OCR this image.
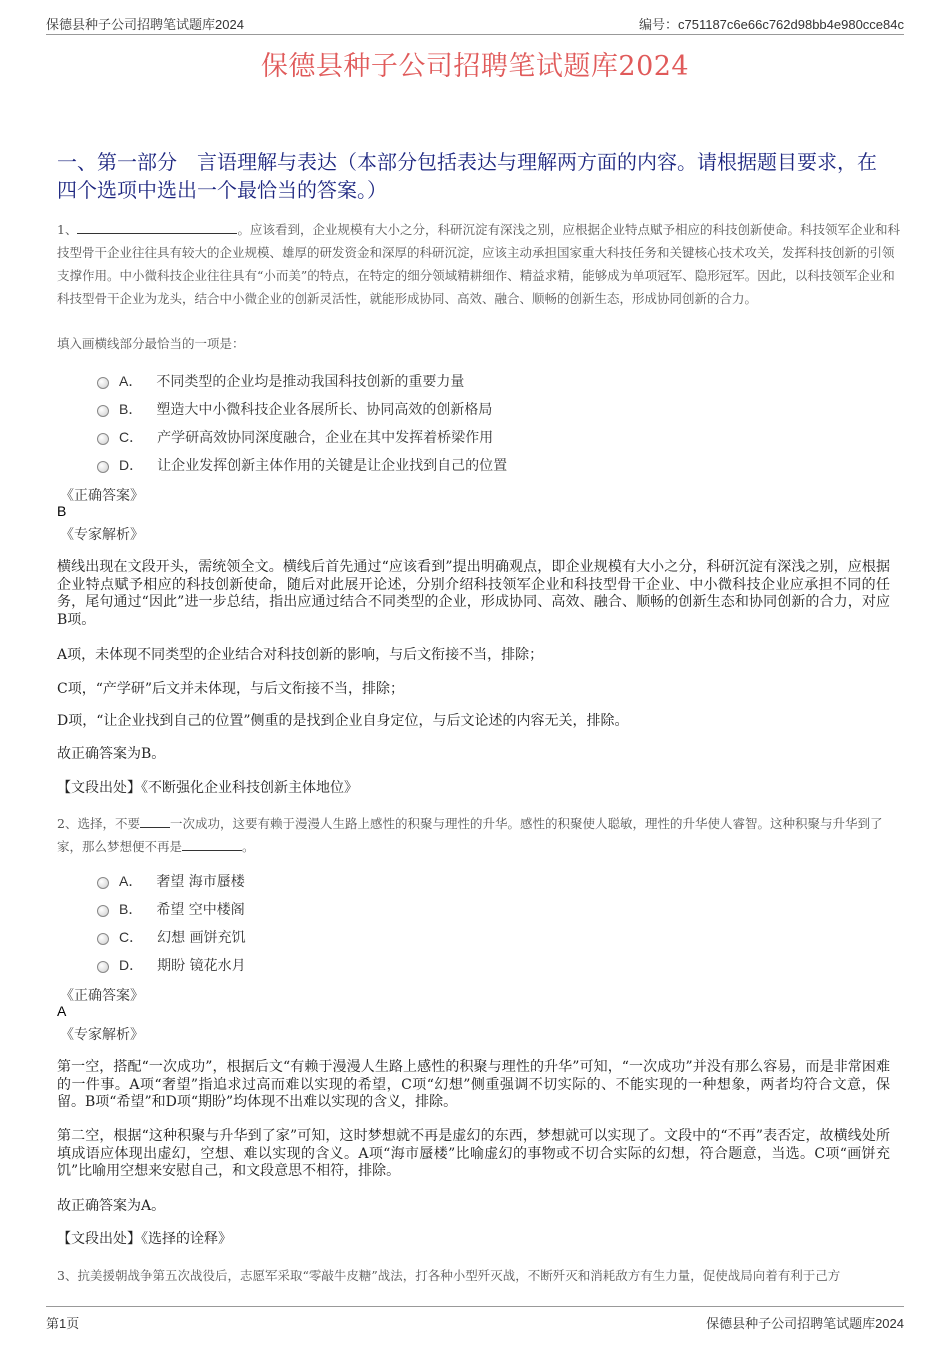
保德县种子公司招聘笔试题库2024	编号：c751187c6e66c762d98bb4e980cce84c
保德县种子公司招聘笔试题库2024
一、第一部分　言语理解与表达（本部分包括表达与理解两方面的内容。请根据题目要求，在四个选项中选出一个最恰当的答案。）
1、	。应该看到，企业规模有大小之分，科研沉淀有深浅之别，应根据企业特点赋予相应的科技创新使命。科技领军企业和科技型骨干企业往往具有较大的企业规模、雄厚的研发资金和深厚的科研沉淀，应该主动承担国家重大科技任务和关键核心技术攻关，发挥科技创新的引领支撑作用。中小微科技企业往往具有“小而美”的特点，在特定的细分领域精耕细作、精益求精，能够成为单项冠军、隐形冠军。因此，以科技领军企业和科技型骨干企业为龙头，结合中小微企业的创新灵活性，就能形成协同、高效、融合、顺畅的创新生态，形成协同创新的合力。
填入画横线部分最恰当的一项是：
A． 不同类型的企业均是推动我国科技创新的重要力量
B． 塑造大中小微科技企业各展所长、协同高效的创新格局
C． 产学研高效协同深度融合，企业在其中发挥着桥梁作用
D． 让企业发挥创新主体作用的关键是让企业找到自己的位置
《正确答案》
B
《专家解析》
横线出现在文段开头，需统领全文。横线后首先通过“应该看到”提出明确观点，即企业规模有大小之分，科研沉淀有深浅之别，应根据企业特点赋予相应的科技创新使命，随后对此展开论述，分别介绍科技领军企业和科技型骨干企业、中小微科技企业应承担不同的任务，尾句通过“因此”进一步总结，指出应通过结合不同类型的企业，形成协同、高效、融合、顺畅的创新生态和协同创新的合力，对应B项。
A项，未体现不同类型的企业结合对科技创新的影响，与后文衔接不当，排除；
C项，“产学研”后文并未体现，与后文衔接不当，排除；
D项，“让企业找到自己的位置”侧重的是找到企业自身定位，与后文论述的内容无关，排除。
故正确答案为B。
【文段出处】《不断强化企业科技创新主体地位》
2、选择，不要 一次成功，这要有赖于漫漫人生路上感性的积聚与理性的升华。感性的积聚使人聪敏，理性的升华使人睿智。这种积聚与升华到了家，那么梦想便不再是	。
A． 奢望 海市蜃楼
B． 希望 空中楼阁
C． 幻想 画饼充饥
D． 期盼 镜花水月
《正确答案》
A
《专家解析》
第一空，搭配“一次成功”，根据后文“有赖于漫漫人生路上感性的积聚与理性的升华”可知，“一次成功”并没有那么容易，而是非常困难的一件事。A项“奢望”指追求过高而难以实现的希望，C项“幻想”侧重强调不切实际的、不能实现的一种想象，两者均符合文意，保留。B项“希望”和D项“期盼”均体现不出难以实现的含义，排除。
第二空，根据“这种积聚与升华到了家”可知，这时梦想就不再是虚幻的东西，梦想就可以实现了。文段中的“不再”表否定，故横线处所填成语应体现出虚幻，空想、难以实现的含义。A项“海市蜃楼”比喻虚幻的事物或不切合实际的幻想，符合题意，当选。C项“画饼充饥”比喻用空想来安慰自己，和文段意思不相符，排除。
故正确答案为A。
【文段出处】《选择的诠释》
3、抗美援朝战争第五次战役后，志愿军采取“零敲牛皮糖”战法，打各种小型歼灭战，不断歼灭和消耗敌方有生力量，促使战局向着有利于己方
第1页	保德县种子公司招聘笔试题库2024
